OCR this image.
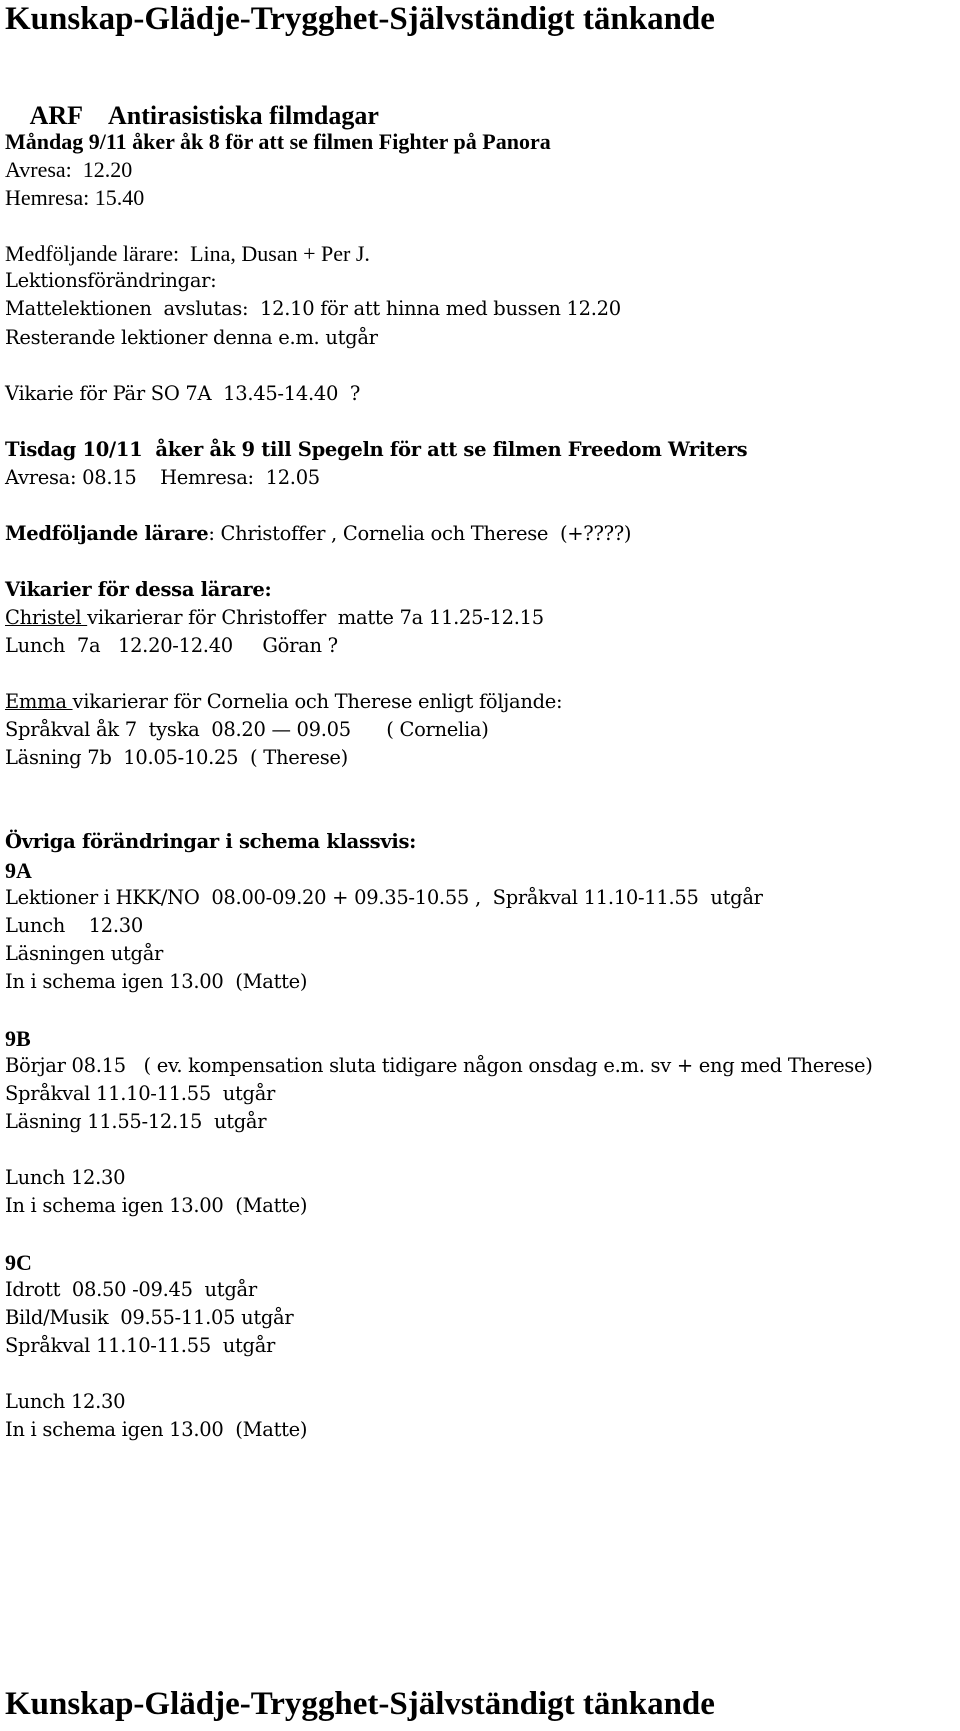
Kunskap-Glädje-Trygghet-Självständigt tänkande

ARF Antirasistiska filmdagar

Måndag 9/11 åker åk 8 för att se filmen Fighter på Panora
Avresa:  12.20
Hemresa: 15.40
Medföljande lärare:  Lina, Dusan + Per J.
Lektionsförändringar:
Mattelektionen  avslutas:  12.10 för att hinna med bussen 12.20
Resterande lektioner denna e.m. utgår
Vikarie för Pär SO 7A  13.45-14.40  ?
Tisdag 10/11  åker åk 9 till Spegeln för att se filmen Freedom Writers
Avresa: 08.15    Hemresa:  12.05
Medföljande lärare: Christoffer , Cornelia och Therese  (+????)
Vikarier för dessa lärare:
Christel vikarierar för Christoffer  matte 7a 11.25-12.15
Lunch  7a   12.20-12.40     Göran ?
Emma vikarierar för Cornelia och Therese enligt följande:
Språkval åk 7  tyska  08.20 — 09.05      ( Cornelia)
Läsning 7b  10.05-10.25  ( Therese)
Övriga förändringar i schema klassvis:
9A
Lektioner i HKK/NO  08.00-09.20 + 09.35-10.55 ,  Språkval 11.10-11.55  utgår
Lunch    12.30
Läsningen utgår
In i schema igen 13.00  (Matte)
9B
Börjar 08.15   ( ev. kompensation sluta tidigare någon onsdag e.m. sv + eng med Therese)
Språkval 11.10-11.55  utgår
Läsning 11.55-12.15  utgår
Lunch 12.30
In i schema igen 13.00  (Matte)
9C
Idrott  08.50 -09.45  utgår
Bild/Musik  09.55-11.05 utgår
Språkval 11.10-11.55  utgår
Lunch 12.30
In i schema igen 13.00  (Matte)
Kunskap-Glädje-Trygghet-Självständigt tänkande
